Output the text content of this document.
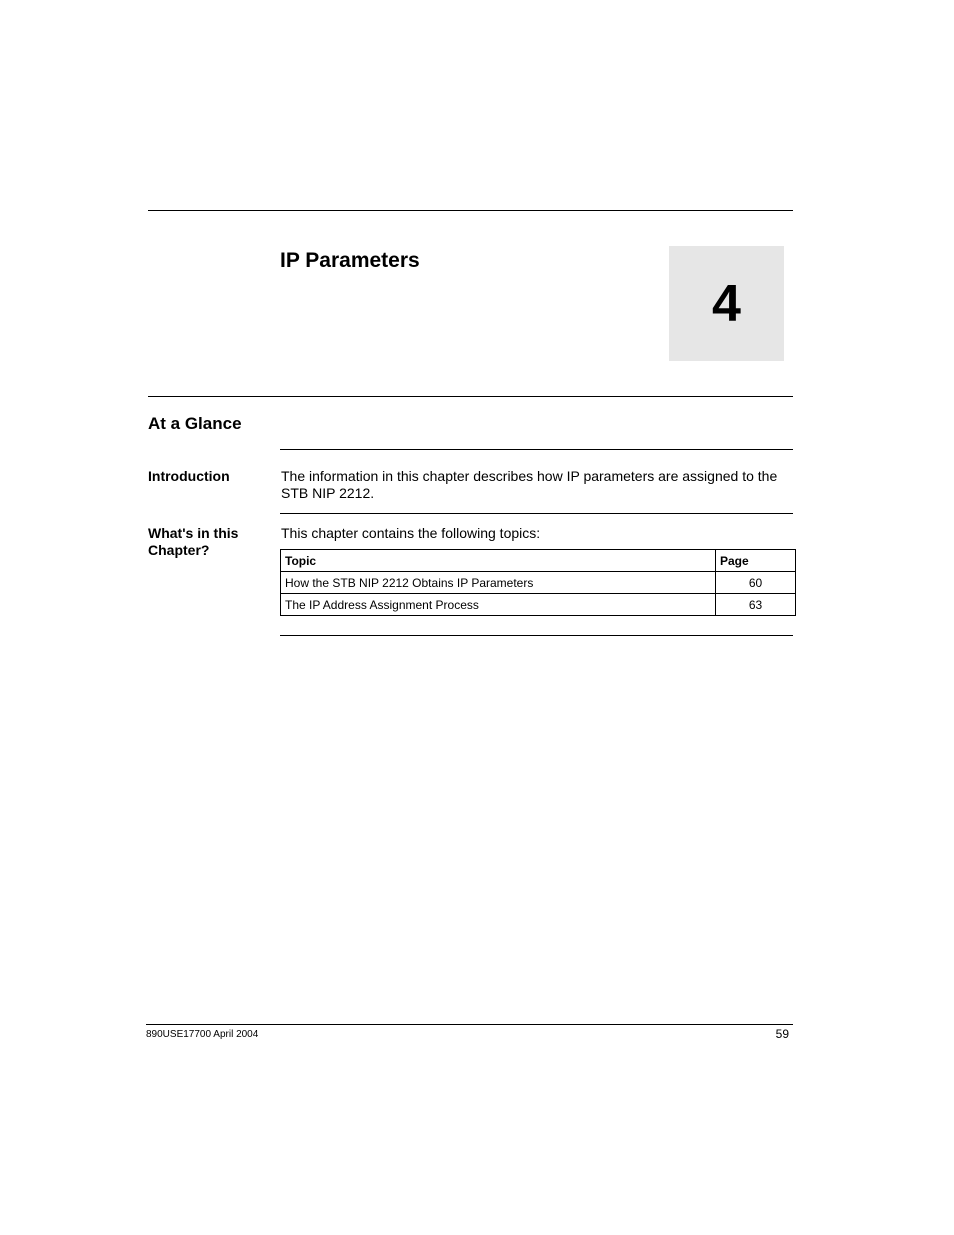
IP Parameters
4
At a Glance
Introduction	The information in this chapter describes how IP parameters are assigned to the STB NIP 2212.
What's in this Chapter?
This chapter contains the following topics:
Topic	Page
How the STB NIP 2212 Obtains IP Parameters	60
The IP Address Assignment Process	63
890USE17700 April 2004	59
